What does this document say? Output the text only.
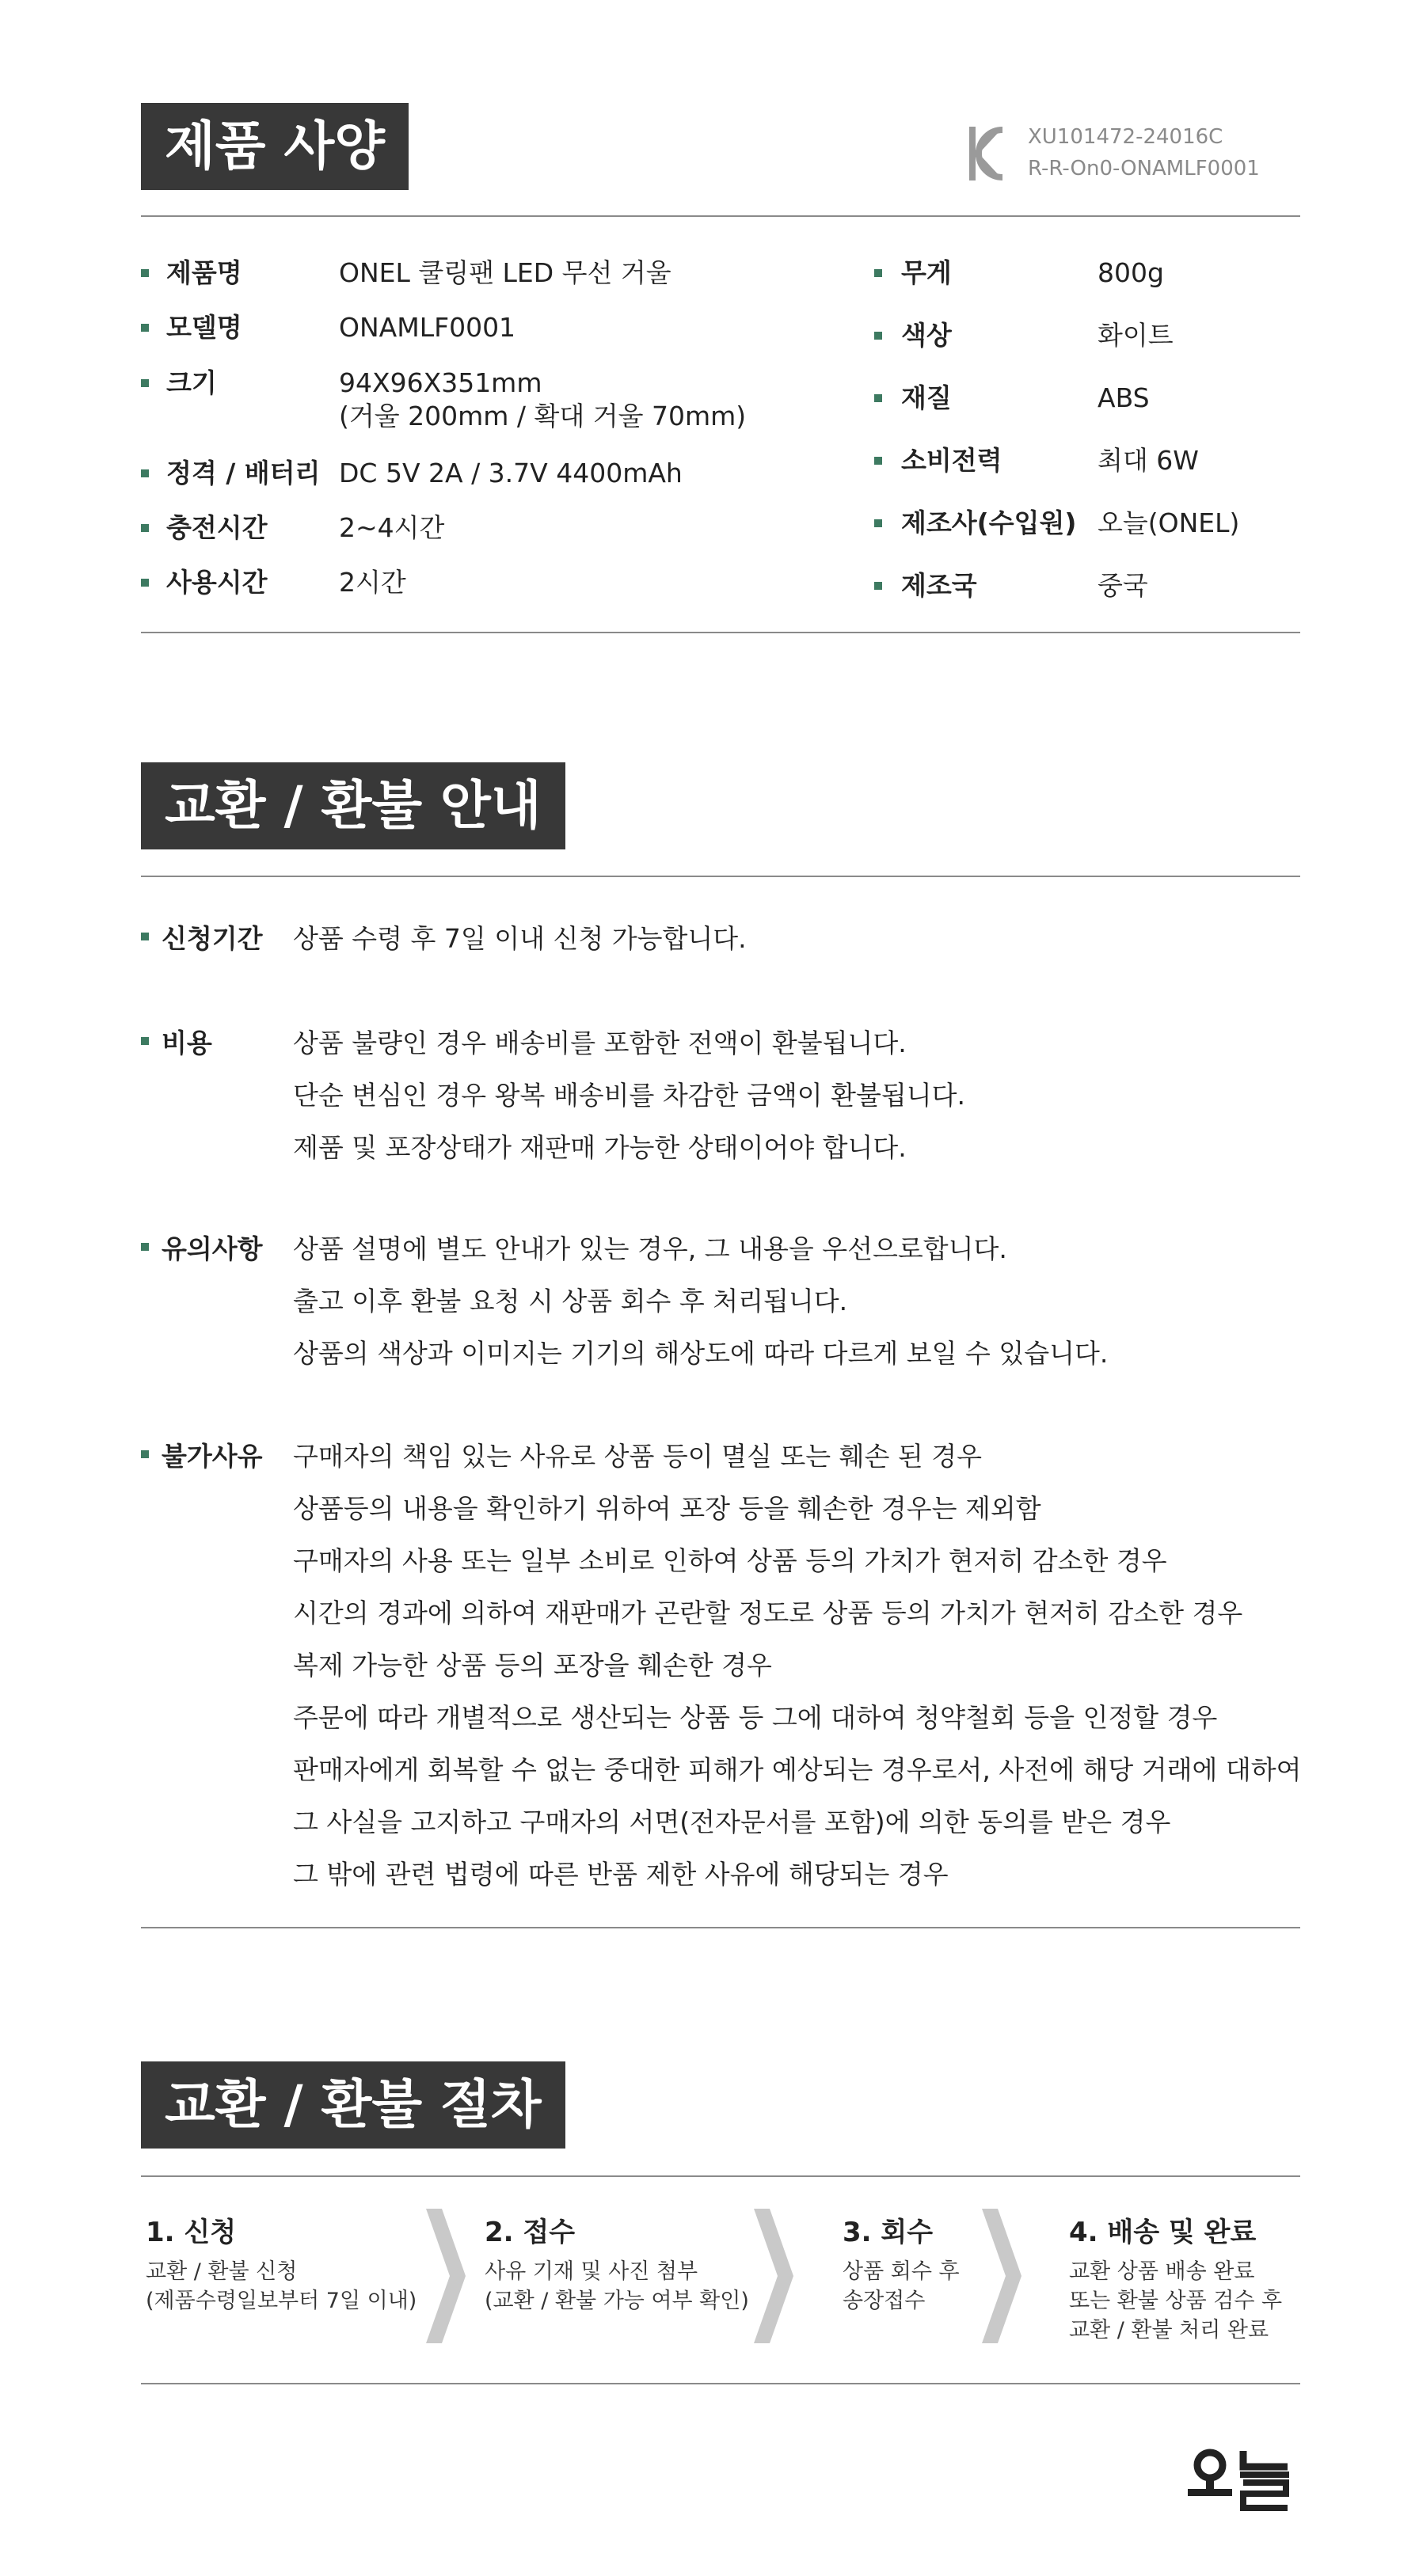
제품 사양	XU101472-24016C
R-R-On0-ONAMLF0001
제품명	ONEL 쿨링팬 LED 무선 거울
모델명	ONAMLF0001
크기	94X96X351mm
(거울 200mm / 확대 거울 70mm)
정격 / 배터리 DC 5V 2A / 3.7V 4400mAh
충전시간	2~4시간
사용시간	2시간
무게	800g
색상	화이트
재질	ABS
소비전력	최대 6W
제조사(수입원) 오늘(ONEL)
제조국	중국
교환 / 환불 안내
신청기간 상품 수령 후 7일 이내 신청 가능합니다.
비용	상품 불량인 경우 배송비를 포함한 전액이 환불됩니다.
단순 변심인 경우 왕복 배송비를 차감한 금액이 환불됩니다.
제품 및 포장상태가 재판매 가능한 상태이어야 합니다.
유의사항 상품 설명에 별도 안내가 있는 경우, 그 내용을 우선으로합니다.
출고 이후 환불 요청 시 상품 회수 후 처리됩니다.
상품의 색상과 이미지는 기기의 해상도에 따라 다르게 보일 수 있습니다.
불가사유 구매자의 책임 있는 사유로 상품 등이 멸실 또는 훼손 된 경우
상품등의 내용을 확인하기 위하여 포장 등을 훼손한 경우는 제외함
구매자의 사용 또는 일부 소비로 인하여 상품 등의 가치가 현저히 감소한 경우
시간의 경과에 의하여 재판매가 곤란할 정도로 상품 등의 가치가 현저히 감소한 경우
복제 가능한 상품 등의 포장을 훼손한 경우
주문에 따라 개별적으로 생산되는 상품 등 그에 대하여 청약철회 등을 인정할 경우
판매자에게 회복할 수 없는 중대한 피해가 예상되는 경우로서, 사전에 해당 거래에 대하여
그 사실을 고지하고 구매자의 서면(전자문서를 포함)에 의한 동의를 받은 경우
그 밖에 관련 법령에 따른 반품 제한 사유에 해당되는 경우
교환 / 환불 절차
1. 신청
교환 / 환불 신청
(제품수령일보부터 7일 이내)
2. 접수
사유 기재 및 사진 첨부
(교환 / 환불 가능 여부 확인)
3. 회수
상품 회수 후
송장접수
4. 배송 및 완료
교환 상품 배송 완료
또는 환불 상품 검수 후
교환 / 환불 처리 완료
